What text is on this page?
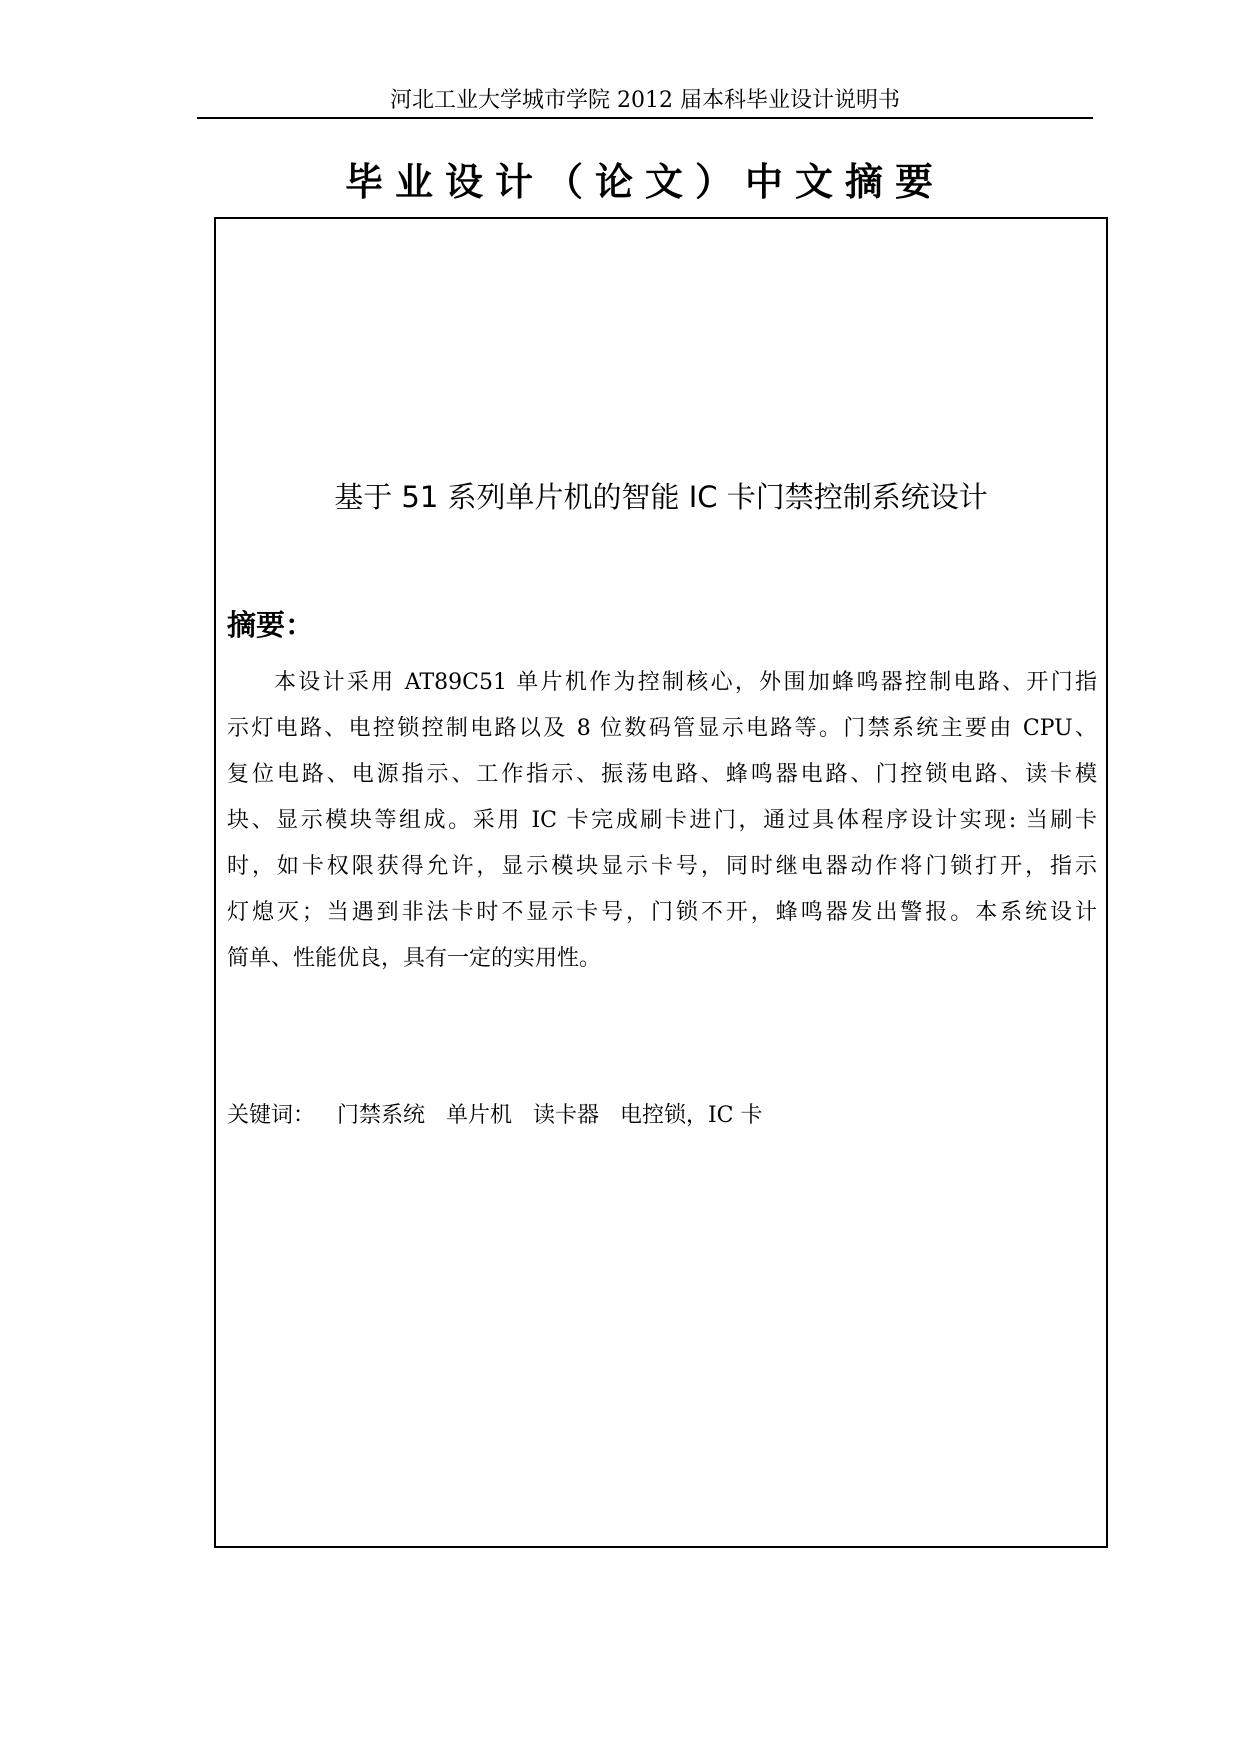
河北工业大学城市学院 2012 届本科毕业设计说明书
毕业设计（论文）中文摘要
基于 51 系列单片机的智能 IC 卡门禁控制系统设计
摘要：
本设计采用 AT89C51 单片机作为控制核心，外围加蜂鸣器控制电路、开门指
示灯电路、电控锁控制电路以及 8 位数码管显示电路等。门禁系统主要由 CPU、
复位电路、电源指示、工作指示、振荡电路、蜂鸣器电路、门控锁电路、读卡模
块、显示模块等组成。采用 IC 卡完成刷卡进门，通过具体程序设计实现: 当刷卡
时，如卡权限获得允许，显示模块显示卡号，同时继电器动作将门锁打开，指示
灯熄灭；当遇到非法卡时不显示卡号，门锁不开，蜂鸣器发出警报。本系统设计
简单、性能优良，具有一定的实用性。
关键词： 门禁系统   单片机   读卡器   电控锁，IC 卡
